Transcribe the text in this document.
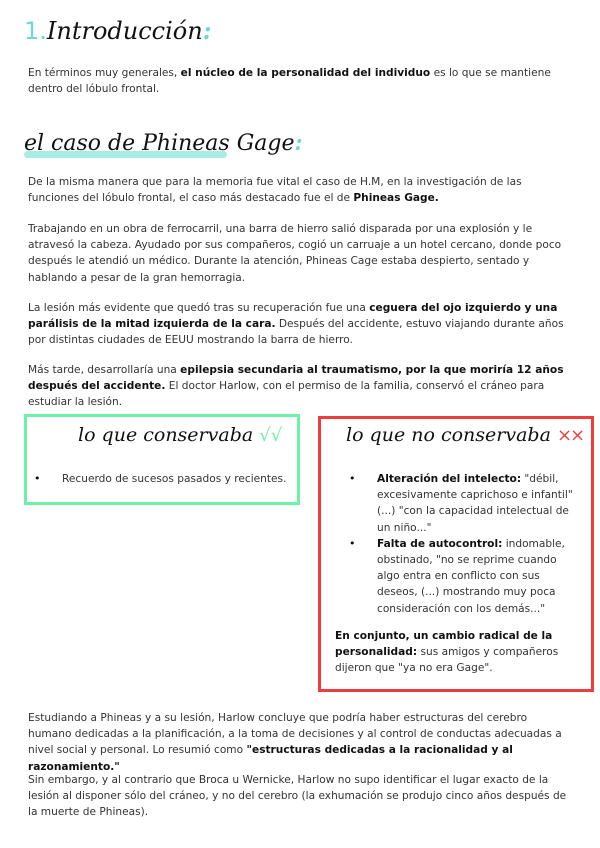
1.Introducción:

En términos muy generales, el núcleo de la personalidad del individuo es lo que se mantiene dentro del lóbulo frontal.

el caso de Phineas Gage:

De la misma manera que para la memoria fue vital el caso de H.M, en la investigación de las funciones del lóbulo frontal, el caso más destacado fue el de Phineas Gage.

Trabajando en un obra de ferrocarril, una barra de hierro salió disparada por una explosión y le atravesó la cabeza. Ayudado por sus compañeros, cogió un carruaje a un hotel cercano, donde poco después le atendió un médico. Durante la atención, Phineas Cage estaba despierto, sentado y hablando a pesar de la gran hemorragia.

La lesión más evidente que quedó tras su recuperación fue una ceguera del ojo izquierdo y una parálisis de la mitad izquierda de la cara. Después del accidente, estuvo viajando durante años por distintas ciudades de EEUU mostrando la barra de hierro.

Más tarde, desarrollaría una epilepsia secundaria al traumatismo, por la que moriría 12 años después del accidente. El doctor Harlow, con el permiso de la familia, conservó el cráneo para estudiar la lesión.

lo que conservaba √√
• Recuerdo de sucesos pasados y recientes.
lo que no conservaba ××
• Alteración del intelecto: "débil, excesivamente caprichoso e infantil"(...) "con la capacidad intelectual de un niño..."
• Falta de autocontrol: indomable, obstinado, "no se reprime cuando algo entra en conflicto con sus deseos, (...) mostrando muy poca consideración con los demás..."

En conjunto, un cambio radical de la personalidad: sus amigos y compañeros dijeron que "ya no era Gage".

Estudiando a Phineas y a su lesión, Harlow concluye que podría haber estructuras del cerebro humano dedicadas a la planificación, a la toma de decisiones y al control de conductas adecuadas a nivel social y personal. Lo resumió como "estructuras dedicadas a la racionalidad y al razonamiento."

Sin embargo, y al contrario que Broca u Wernicke, Harlow no supo identificar el lugar exacto de la lesión al disponer sólo del cráneo, y no del cerebro (la exhumación se produjo cinco años después de la muerte de Phineas).
